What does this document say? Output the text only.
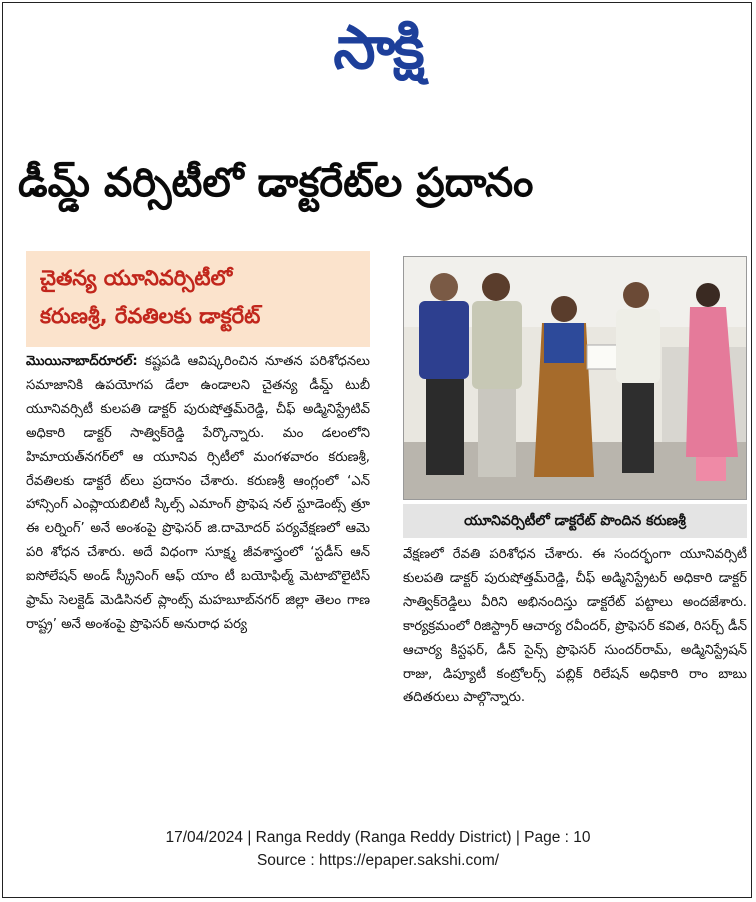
సాక్షి
డీమ్డ్ వర్సిటీలో డాక్టరేట్‌ల ప్రదానం
చైతన్య యూనివర్సిటీలో
కరుణశ్రీ, రేవతిలకు డాక్టరేట్

మొయినాబాద్‌రూరల్: కష్టపడి ఆవిష్కరించిన నూతన పరిశోధనలు సమాజానికి ఉపయోగప డేలా ఉండాలని చైతన్య డీమ్డ్ టుబీ యూనివర్సిటీ కులపతి డాక్టర్ పురుషోత్తమ్‌రెడ్డి, చీఫ్ అడ్మినిస్ట్రేటివ్ అధికారి డాక్టర్ సాత్విక్‌రెడ్డి పేర్కొన్నారు. మం డలంలోని హిమాయత్‌నగర్‌లో ఆ యూనివ ర్సిటీలో మంగళవారం కరుణశ్రీ, రేవతిలకు డాక్టరే ట్‌లు ప్రదానం చేశారు. కరుణశ్రీ ఆంగ్లంలో ‘ఎన్ హాన్సింగ్ ఎంప్లాయబిలిటీ స్కిల్స్ ఎమాంగ్ ప్రొఫెష నల్ స్టూడెంట్స్ త్రూ ఈ లర్నింగ్’ అనే అంశంపై ప్రొఫెసర్ జి.దామోదర్ పర్యవేక్షణలో ఆమె పరి శోధన చేశారు. అదే విధంగా సూక్ష్మ జీవశాస్త్రంలో ‘స్టడీస్ ఆన్ ఐసోలేషన్ అండ్ స్క్రీనింగ్ ఆఫ్ యాం టీ బయోఫిల్మ్ మెటాబొలైటిస్ ఫ్రామ్ సెలక్టెడ్ మెడిసినల్ ప్లాంట్స్ మహబూబ్‌నగర్ జిల్లా తెలం గాణ రాష్ట్ర’ అనే అంశంపై ప్రొఫెసర్ అనురాధ పర్య

యూనివర్సిటీలో డాక్టరేట్ పొందిన కరుణశ్రీ

వేక్షణలో రేవతి పరిశోధన చేశారు. ఈ సందర్భంగా యూనివర్సిటీ కులపతి డాక్టర్ పురుషోత్తమ్‌రెడ్డి, చీఫ్ అడ్మినిస్ట్రేటర్ అధికారి డాక్టర్ సాత్విక్‌రెడ్డిలు వీరిని అభినందిస్తు డాక్టరేట్ పట్టాలు అందజేశారు. కార్యక్రమంలో రిజిస్ట్రార్ ఆచార్య రవీందర్, ప్రొఫెసర్ కవిత, రిసర్చ్ డీన్ ఆచార్య కిస్టఫర్, డీన్ సైన్స్ ప్రొఫెసర్ సుందర్‌రామ్, అడ్మినిస్ట్రేషన్ రాజు, డిప్యూటీ కంట్రోలర్స్ పబ్లిక్ రిలేషన్ అధికారి రాం బాబు తదితరులు పాల్గొన్నారు.

17/04/2024 | Ranga Reddy (Ranga Reddy District) | Page : 10
Source : https://epaper.sakshi.com/
